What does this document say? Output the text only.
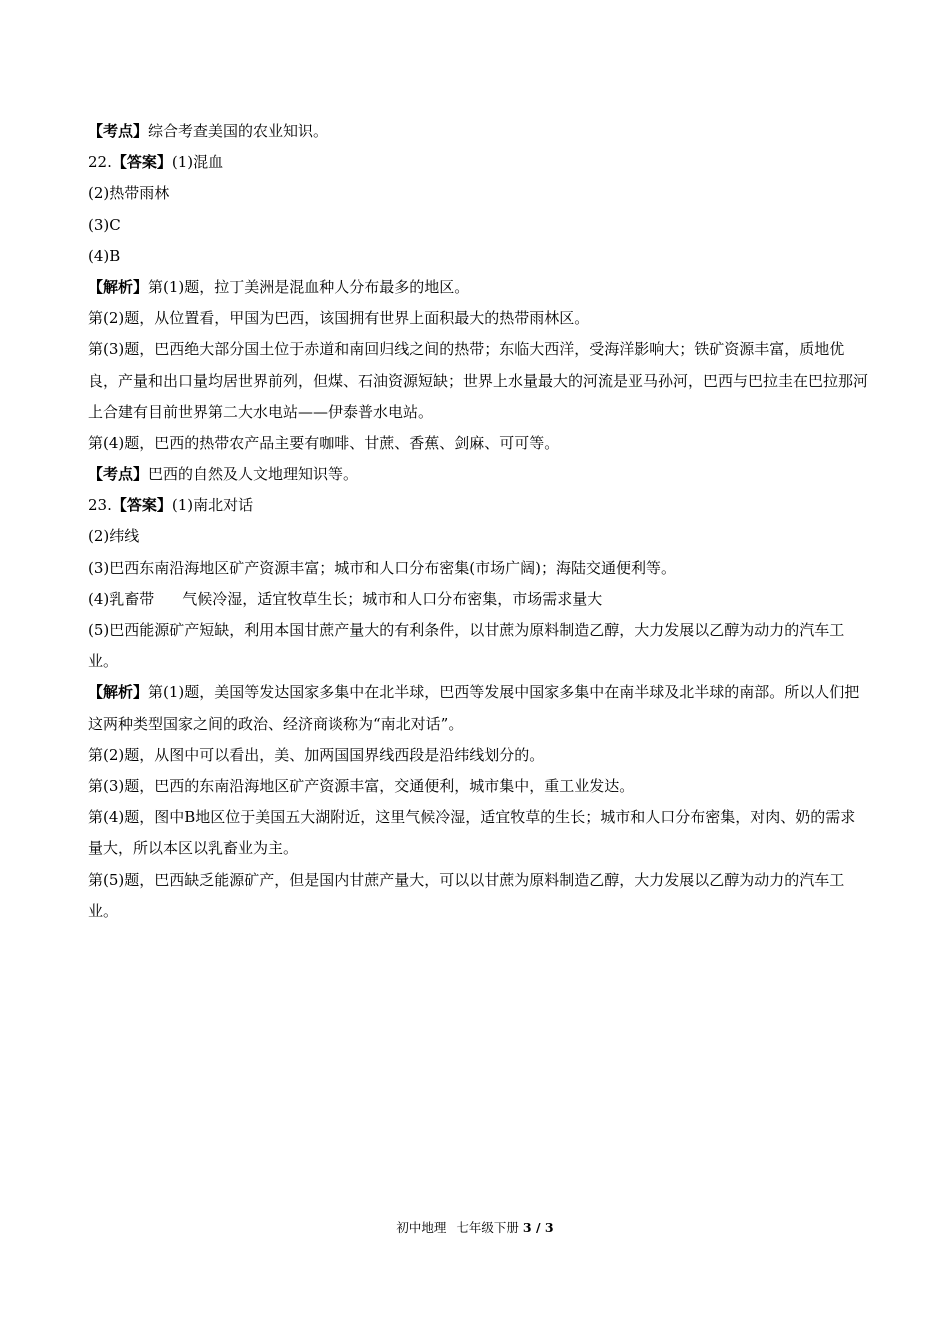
【考点】综合考查美国的农业知识。
22.【答案】(1)混血
(2)热带雨林
(3)C
(4)B
【解析】第(1)题，拉丁美洲是混血种人分布最多的地区。
第(2)题，从位置看，甲国为巴西，该国拥有世界上面积最大的热带雨林区。
第(3)题，巴西绝大部分国土位于赤道和南回归线之间的热带；东临大西洋，受海洋影响大；铁矿资源丰富，质地优良，产量和出口量均居世界前列，但煤、石油资源短缺；世界上水量最大的河流是亚马孙河，巴西与巴拉圭在巴拉那河上合建有目前世界第二大水电站——伊泰普水电站。
第(4)题，巴西的热带农产品主要有咖啡、甘蔗、香蕉、剑麻、可可等。
【考点】巴西的自然及人文地理知识等。
23.【答案】(1)南北对话
(2)纬线
(3)巴西东南沿海地区矿产资源丰富；城市和人口分布密集(市场广阔)；海陆交通便利等。
(4)乳畜带 气候冷湿，适宜牧草生长；城市和人口分布密集，市场需求量大
(5)巴西能源矿产短缺，利用本国甘蔗产量大的有利条件，以甘蔗为原料制造乙醇，大力发展以乙醇为动力的汽车工业。
【解析】第(1)题，美国等发达国家多集中在北半球，巴西等发展中国家多集中在南半球及北半球的南部。所以人们把这两种类型国家之间的政治、经济商谈称为“南北对话”。
第(2)题，从图中可以看出，美、加两国国界线西段是沿纬线划分的。
第(3)题，巴西的东南沿海地区矿产资源丰富，交通便利，城市集中，重工业发达。
第(4)题，图中B地区位于美国五大湖附近，这里气候冷湿，适宜牧草的生长；城市和人口分布密集，对肉、奶的需求量大，所以本区以乳畜业为主。
第(5)题，巴西缺乏能源矿产，但是国内甘蔗产量大，可以以甘蔗为原料制造乙醇，大力发展以乙醇为动力的汽车工业。
初中地理 七年级下册 3 / 3
